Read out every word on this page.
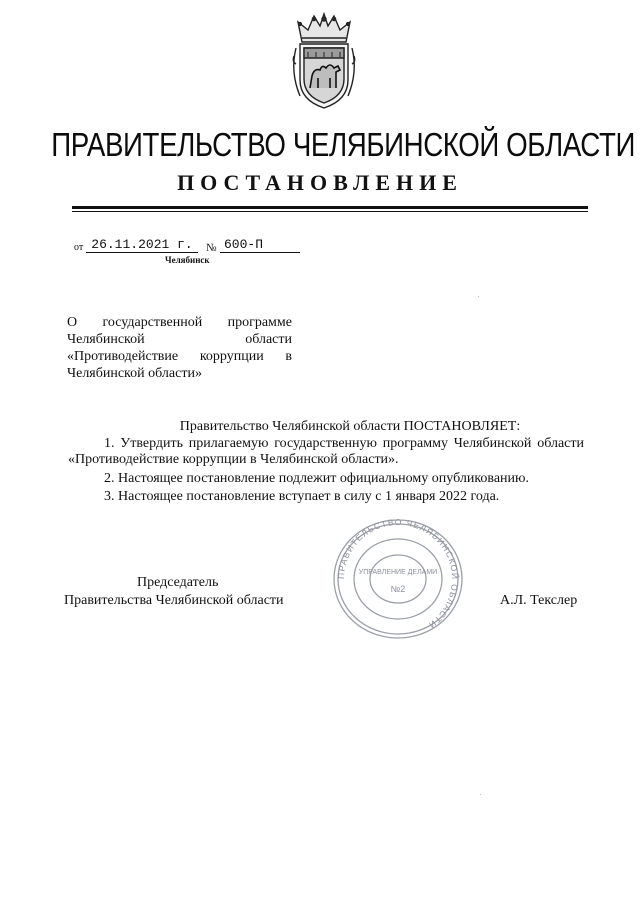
ПРАВИТЕЛЬСТВО ЧЕЛЯБИНСКОЙ ОБЛАСТИ
ПОСТАНОВЛЕНИЕ
от 26.11.2021 г.	№ 600-П
Челябинск
О государственной программе Челябинской области «Противодействие коррупции в Челябинской области»
Правительство Челябинской области ПОСТАНОВЛЯЕТ:
1. Утвердить прилагаемую государственную программу Челябинской области «Противодействие коррупции в Челябинской области».
2. Настоящее постановление подлежит официальному опубликованию.
3. Настоящее постановление вступает в силу с 1 января 2022 года.
ПРАВИТЕЛЬСТВО ЧЕЛЯБИНСКОЙ ОБЛАСТИ
УПРАВЛЕНИЕ ДЕЛАМИ
№2
Председатель
Правительства Челябинской области	А.Л. Текслер
